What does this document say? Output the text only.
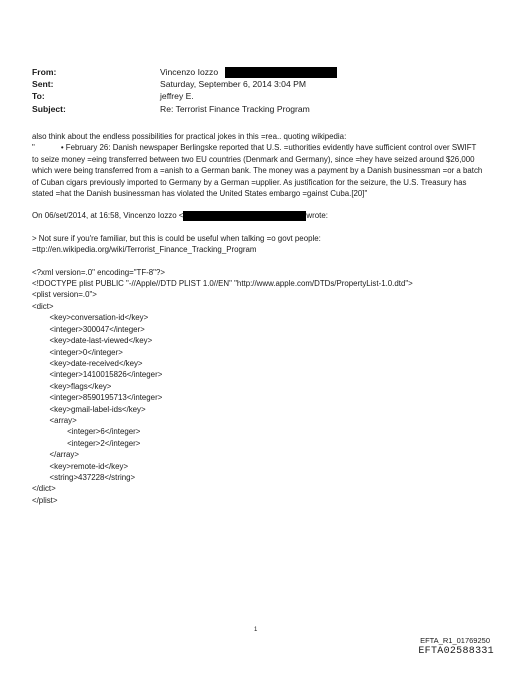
From:	Vincenzo Iozzo
Sent:	Saturday, September 6, 2014 3:04 PM
To:	jeffrey E.
Subject:	Re: Terrorist Finance Tracking Program

also think about the endless possibilities for practical jokes in this =rea.. quoting wikipedia:

"	• February 26: Danish newspaper Berlingske reported that U.S. =uthorities evidently have sufficient control over SWIFT to seize money =eing transferred between two EU countries (Denmark and Germany), since =hey have seized around $26,000 which were being transferred from a =anish to a German bank. The money was a payment by a Danish businessman =or a batch of Cuban cigars previously imported to Germany by a German =upplier. As justification for the seizure, the U.S. Treasury has stated =hat the Danish businessman has violated the United States embargo =gainst Cuba.[20]"

On 06/set/2014, at 16:58, Vincenzo Iozzo <	wrote:

> Not sure if you're familiar, but this is could be useful when talking =o govt people:

=ttp://en.wikipedia.org/wiki/Terrorist_Finance_Tracking_Program

<?xml version=.0" encoding="TF-8"?>
<!DOCTYPE plist PUBLIC "-//Apple//DTD PLIST 1.0//EN" "http://www.apple.com/DTDs/PropertyList-1.0.dtd">
<plist version=.0">
<dict>
<key>conversation-id</key>
<integer>300047</integer>
<key>date-last-viewed</key>
<integer>0</integer>
<key>date-received</key>
<integer>1410015826</integer>
<key>flags</key>
<integer>8590195713</integer>
<key>gmail-label-ids</key>
<array>
<integer>6</integer>
<integer>2</integer>
</array>
<key>remote-id</key>
<string>437228</string>
</dict>
</plist>
1
EFTA_R1_01769250
EFTA02588331
